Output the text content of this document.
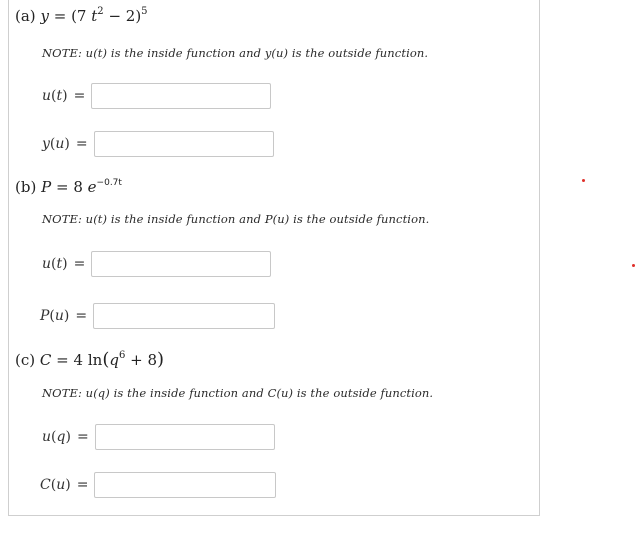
(a) y = (7 $t^2 - 2)^5$
NOTE: u(t) is the inside function and y(u) is the outside function.
u(t) =
y(u) =
(b) P = 8 $e^{-0.7t}$
NOTE: u(t) is the inside function and P(u) is the outside function.
u(t) =
P(u) =
(c) C = 4 $\ln(q^6 + 8)$
NOTE: u(q) is the inside function and C(u) is the outside function.
u(q) =
C(u) =
